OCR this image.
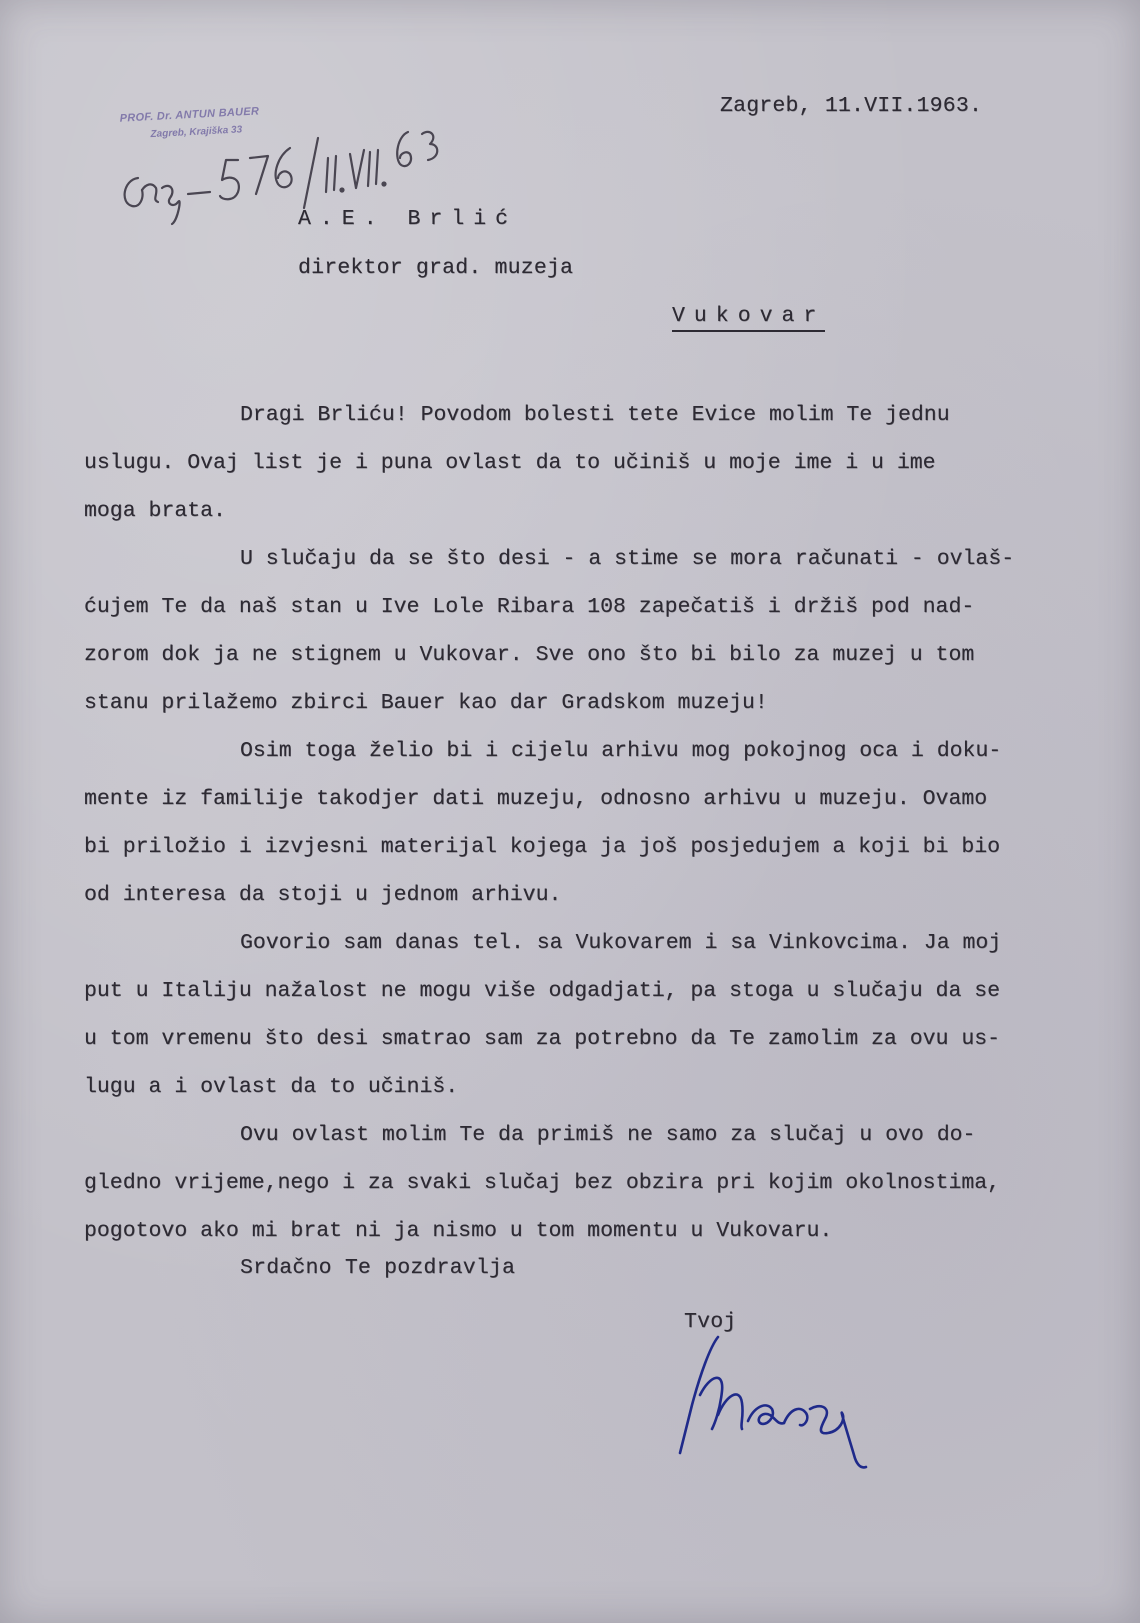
PROF. Dr. ANTUN BAUER
Zagreb, Krajiška 33
Zagreb, 11.VII.1963.
A.E. Brlić
direktor grad. muzeja
Vukovar
Dragi Brliću! Povodom bolesti tete Evice molim Te jednu
uslugu. Ovaj list je i puna ovlast da to učiniš u moje ime i u ime
moga brata.
U slučaju da se što desi - a stime se mora računati - ovlaš-
ćujem Te da naš stan u Ive Lole Ribara 108 zapečatiš i držiš pod nad-
zorom dok ja ne stignem u Vukovar. Sve ono što bi bilo za muzej u tom
stanu prilažemo zbirci Bauer kao dar Gradskom muzeju!
Osim toga želio bi i cijelu arhivu mog pokojnog oca i doku-
mente iz familije takodjer dati muzeju, odnosno arhivu u muzeju. Ovamo
bi priložio i izvjesni materijal kojega ja još posjedujem a koji bi bio
od interesa da stoji u jednom arhivu.
Govorio sam danas tel. sa Vukovarem i sa Vinkovcima. Ja moj
put u Italiju nažalost ne mogu više odgadjati, pa stoga u slučaju da se
u tom vremenu što desi smatrao sam za potrebno da Te zamolim za ovu us-
lugu a i ovlast da to učiniš.
Ovu ovlast molim Te da primiš ne samo za slučaj u ovo do-
gledno vrijeme,nego i za svaki slučaj bez obzira pri kojim okolnostima,
pogotovo ako mi brat ni ja nismo u tom momentu u Vukovaru.
Srdačno Te pozdravlja
Tvoj
